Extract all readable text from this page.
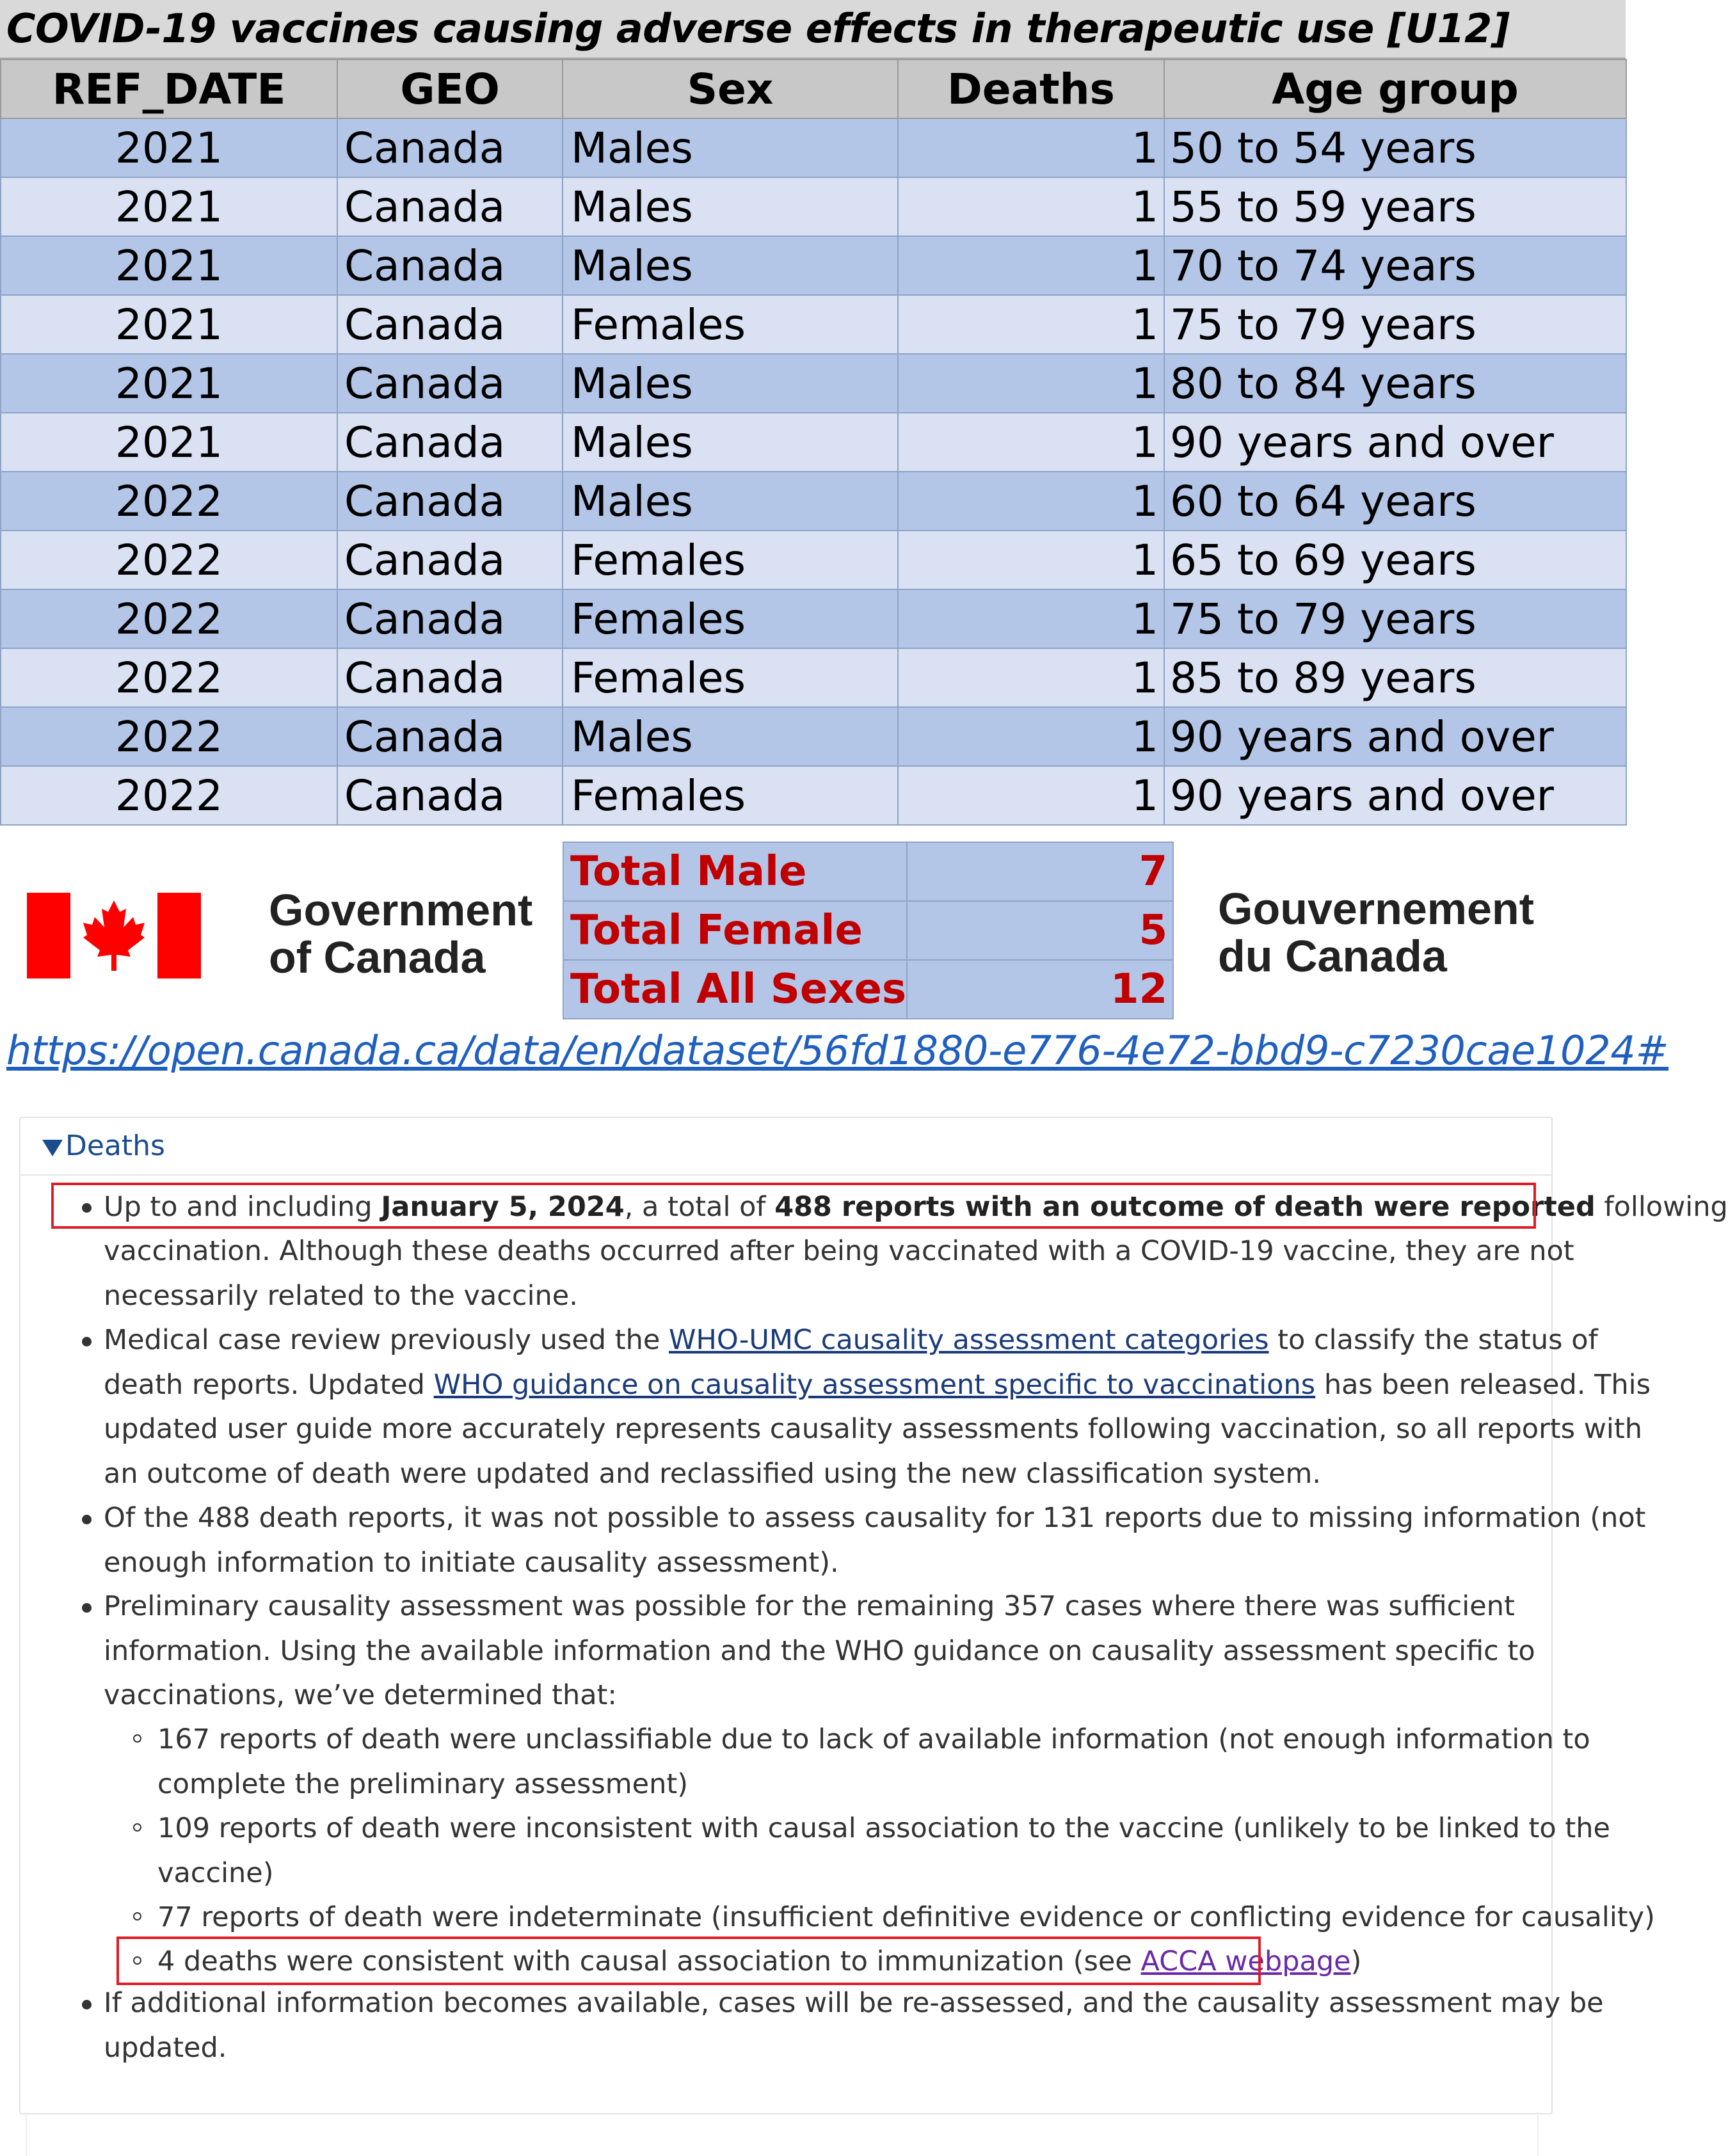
COVID-19 vaccines causing adverse effects in therapeutic use [U12]
REF_DATE	GEO	Sex	Deaths	Age group
2021	Canada	Males	1	50 to 54 years
2021	Canada	Males	1	55 to 59 years
2021	Canada	Males	1	70 to 74 years
2021	Canada	Females	1	75 to 79 years
2021	Canada	Males	1	80 to 84 years
2021	Canada	Males	1	90 years and over
2022	Canada	Males	1	60 to 64 years
2022	Canada	Females	1	65 to 69 years
2022	Canada	Females	1	75 to 79 years
2022	Canada	Females	1	85 to 89 years
2022	Canada	Males	1	90 years and over
2022	Canada	Females	1	90 years and over
Total Male	7
Total Female	5
Total All Sexes	12
Government
of Canada
Gouvernement
du Canada
https://open.canada.ca/data/en/dataset/56fd1880-e776-4e72-bbd9-c7230cae1024#
Deaths
Up to and including January 5, 2024, a total of 488 reports with an outcome of death were reported following
vaccination. Although these deaths occurred after being vaccinated with a COVID-19 vaccine, they are not
necessarily related to the vaccine.
Medical case review previously used the WHO-UMC causality assessment categories to classify the status of
death reports. Updated WHO guidance on causality assessment specific to vaccinations has been released. This
updated user guide more accurately represents causality assessments following vaccination, so all reports with
an outcome of death were updated and reclassified using the new classification system.
Of the 488 death reports, it was not possible to assess causality for 131 reports due to missing information (not
enough information to initiate causality assessment).
Preliminary causality assessment was possible for the remaining 357 cases where there was sufficient
information. Using the available information and the WHO guidance on causality assessment specific to
vaccinations, we’ve determined that:
167 reports of death were unclassifiable due to lack of available information (not enough information to
complete the preliminary assessment)
109 reports of death were inconsistent with causal association to the vaccine (unlikely to be linked to the
vaccine)
77 reports of death were indeterminate (insufficient definitive evidence or conflicting evidence for causality)
4 deaths were consistent with causal association to immunization (see ACCA webpage)
If additional information becomes available, cases will be re-assessed, and the causality assessment may be
updated.
